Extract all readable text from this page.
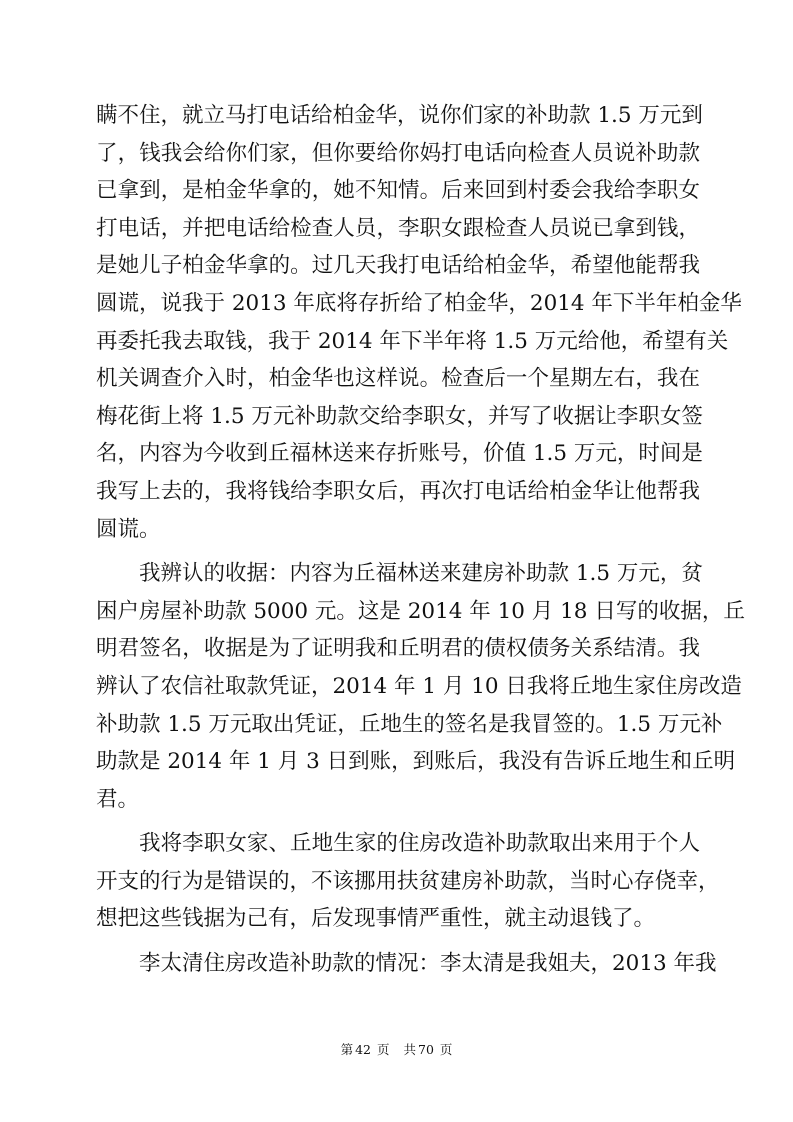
瞒不住，就立马打电话给柏金华，说你们家的补助款 1.5 万元到
了，钱我会给你们家，但你要给你妈打电话向检查人员说补助款
已拿到，是柏金华拿的，她不知情。后来回到村委会我给李职女
打电话，并把电话给检查人员，李职女跟检查人员说已拿到钱，
是她儿子柏金华拿的。过几天我打电话给柏金华，希望他能帮我
圆谎，说我于 2013 年底将存折给了柏金华，2014 年下半年柏金华
再委托我去取钱，我于 2014 年下半年将 1.5 万元给他，希望有关
机关调查介入时，柏金华也这样说。检查后一个星期左右，我在
梅花街上将 1.5 万元补助款交给李职女，并写了收据让李职女签
名，内容为今收到丘福林送来存折账号，价值 1.5 万元，时间是
我写上去的，我将钱给李职女后，再次打电话给柏金华让他帮我
圆谎。
我辨认的收据：内容为丘福林送来建房补助款 1.5 万元，贫
困户房屋补助款 5000 元。这是 2014 年 10 月 18 日写的收据，丘
明君签名，收据是为了证明我和丘明君的债权债务关系结清。我
辨认了农信社取款凭证，2014 年 1 月 10 日我将丘地生家住房改造
补助款 1.5 万元取出凭证，丘地生的签名是我冒签的。1.5 万元补
助款是 2014 年 1 月 3 日到账，到账后，我没有告诉丘地生和丘明
君。
我将李职女家、丘地生家的住房改造补助款取出来用于个人
开支的行为是错误的，不该挪用扶贫建房补助款，当时心存侥幸，
想把这些钱据为己有，后发现事情严重性，就主动退钱了。
李太清住房改造补助款的情况：李太清是我姐夫，2013 年我
第 42 页 共 70 页
